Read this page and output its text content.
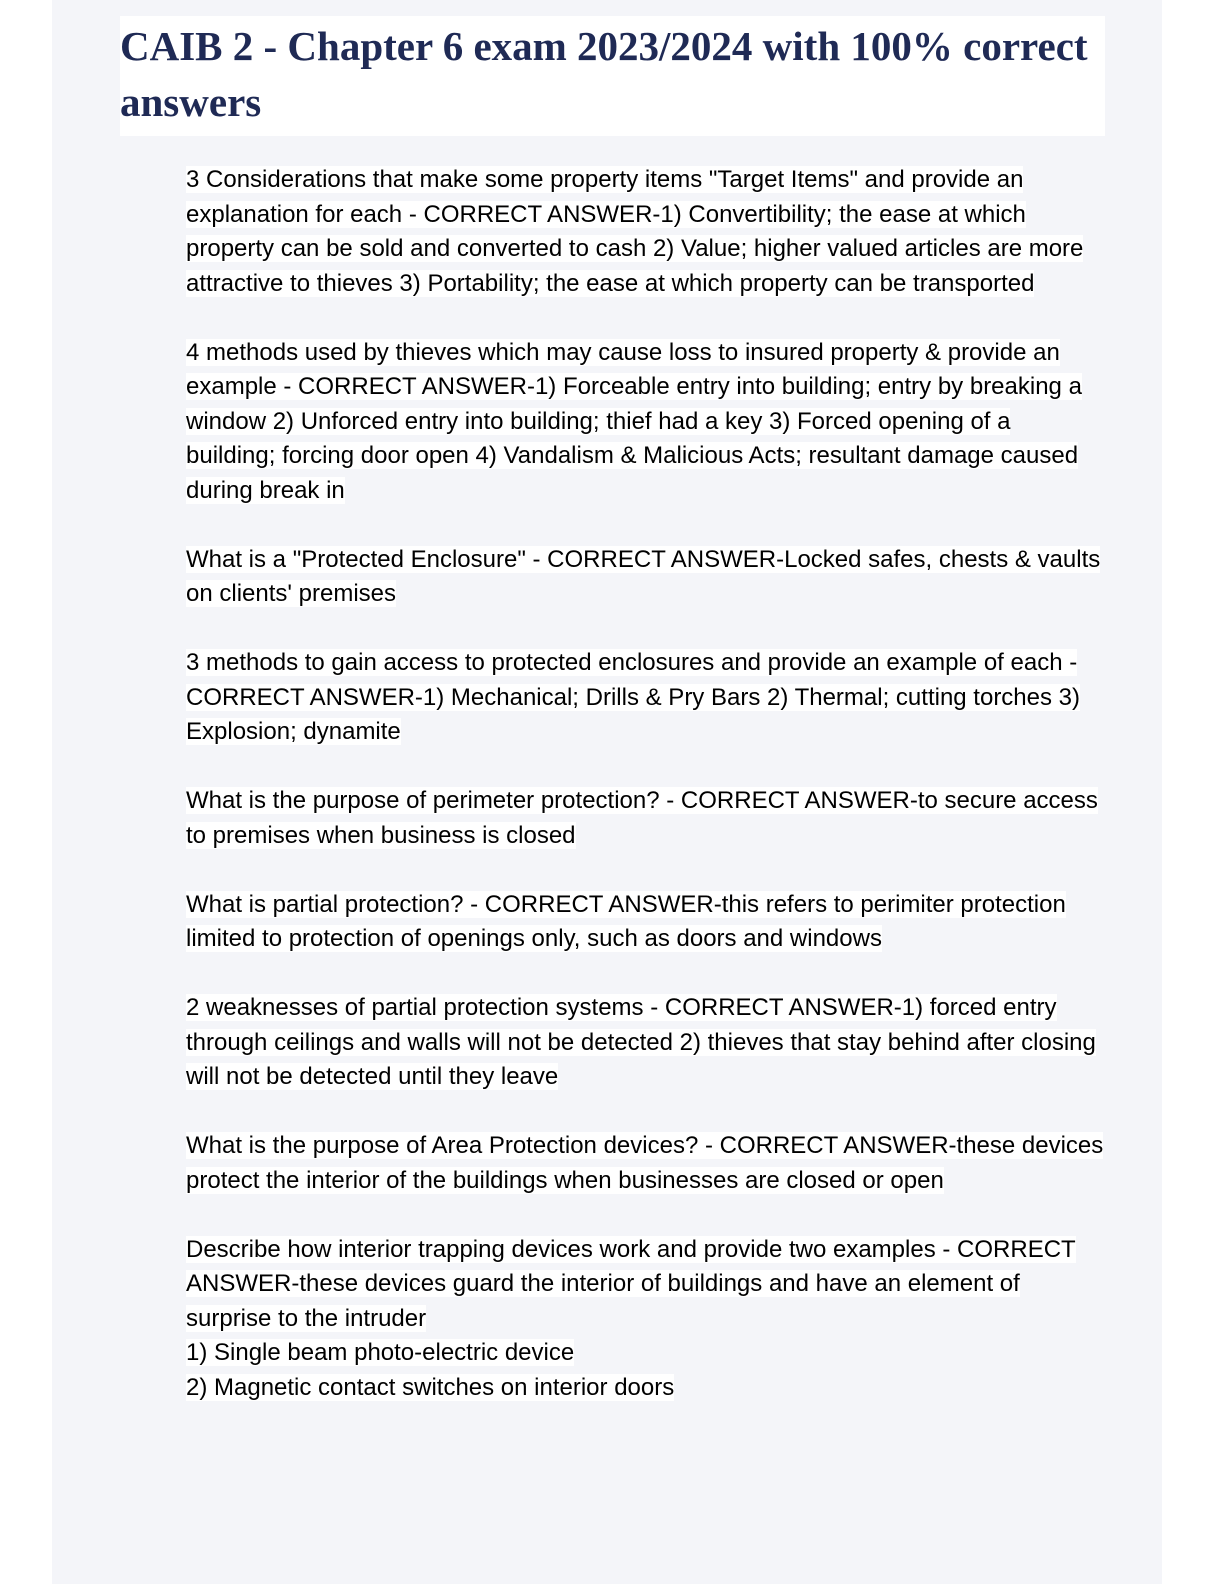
CAIB 2 - Chapter 6 exam 2023/2024 with 100% correct answers

3 Considerations that make some property items "Target Items" and provide an explanation for each - CORRECT ANSWER-1) Convertibility; the ease at which property can be sold and converted to cash 2) Value; higher valued articles are more attractive to thieves 3) Portability; the ease at which property can be transported

4 methods used by thieves which may cause loss to insured property & provide an example - CORRECT ANSWER-1) Forceable entry into building; entry by breaking a window 2) Unforced entry into building; thief had a key 3) Forced opening of a building; forcing door open 4) Vandalism & Malicious Acts; resultant damage caused during break in

What is a "Protected Enclosure" - CORRECT ANSWER-Locked safes, chests & vaults on clients' premises

3 methods to gain access to protected enclosures and provide an example of each - CORRECT ANSWER-1) Mechanical; Drills & Pry Bars 2) Thermal; cutting torches 3) Explosion; dynamite

What is the purpose of perimeter protection? - CORRECT ANSWER-to secure access to premises when business is closed

What is partial protection? - CORRECT ANSWER-this refers to perimiter protection limited to protection of openings only, such as doors and windows

2 weaknesses of partial protection systems - CORRECT ANSWER-1) forced entry through ceilings and walls will not be detected 2) thieves that stay behind after closing will not be detected until they leave

What is the purpose of Area Protection devices? - CORRECT ANSWER-these devices protect the interior of the buildings when businesses are closed or open

Describe how interior trapping devices work and provide two examples - CORRECT ANSWER-these devices guard the interior of buildings and have an element of surprise to the intruder
1) Single beam photo-electric device
2) Magnetic contact switches on interior doors
